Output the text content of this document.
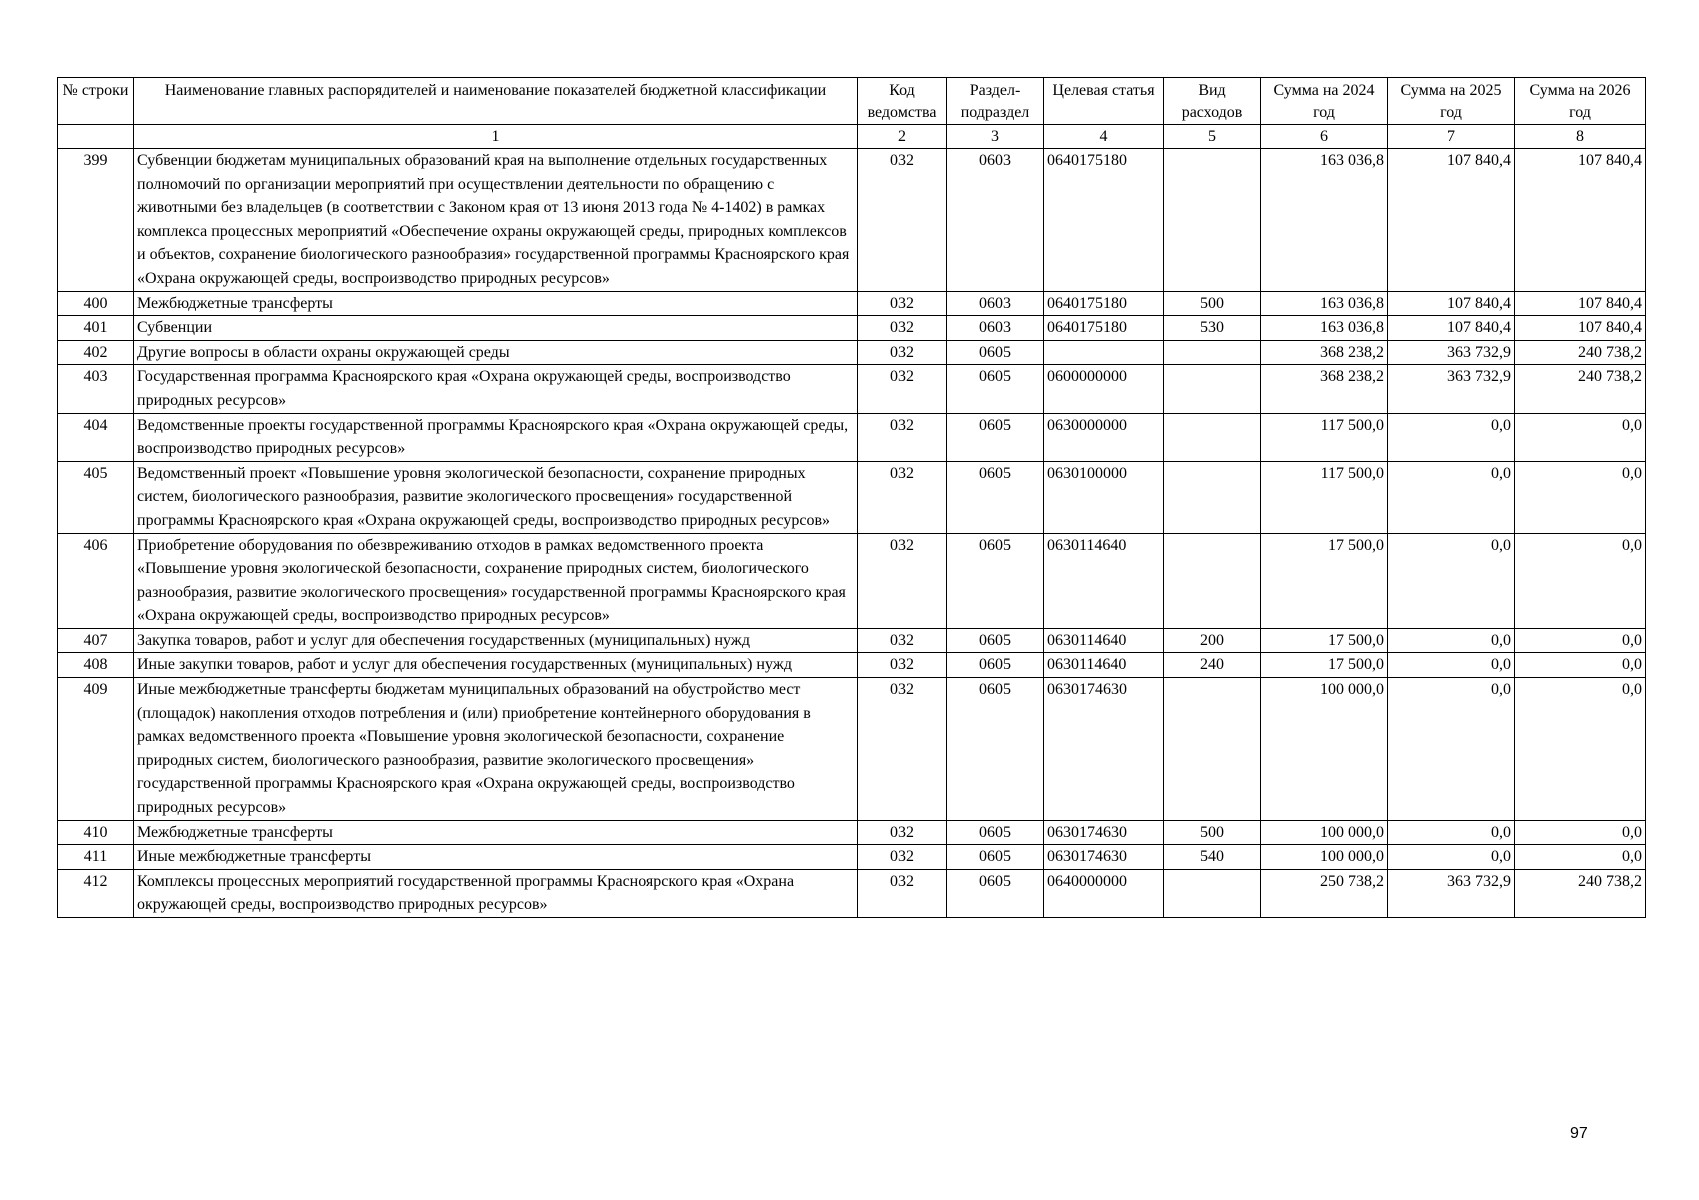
№ строки	Наименование главных распорядителей и наименование показателей бюджетной классификации	Код ведомства	Раздел-подраздел	Целевая статья	Вид расходов	Сумма на 2024 год	Сумма на 2025 год	Сумма на 2026 год
	1	2	3	4	5	6	7	8
399	Субвенции бюджетам муниципальных образований края на выполнение отдельных государственных полномочий по организации мероприятий при осуществлении деятельности по обращению с животными без владельцев (в соответствии с Законом края от 13 июня 2013 года № 4-1402) в рамках комплекса процессных мероприятий «Обеспечение охраны окружающей среды, природных комплексов и объектов, сохранение биологического разнообразия» государственной программы Красноярского края «Охрана окружающей среды, воспроизводство природных ресурсов»	032	0603	0640175180		163 036,8	107 840,4	107 840,4
400	Межбюджетные трансферты	032	0603	0640175180	500	163 036,8	107 840,4	107 840,4
401	Субвенции	032	0603	0640175180	530	163 036,8	107 840,4	107 840,4
402	Другие вопросы в области охраны окружающей среды	032	0605			368 238,2	363 732,9	240 738,2
403	Государственная программа Красноярского края «Охрана окружающей среды, воспроизводство природных ресурсов»	032	0605	0600000000		368 238,2	363 732,9	240 738,2
404	Ведомственные проекты государственной программы Красноярского края «Охрана окружающей среды, воспроизводство природных ресурсов»	032	0605	0630000000		117 500,0	0,0	0,0
405	Ведомственный проект «Повышение уровня экологической безопасности, сохранение природных систем, биологического разнообразия, развитие экологического просвещения» государственной программы Красноярского края «Охрана окружающей среды, воспроизводство природных ресурсов»	032	0605	0630100000		117 500,0	0,0	0,0
406	Приобретение оборудования по обезвреживанию отходов в рамках ведомственного проекта «Повышение уровня экологической безопасности, сохранение природных систем, биологического разнообразия, развитие экологического просвещения» государственной программы Красноярского края «Охрана окружающей среды, воспроизводство природных ресурсов»	032	0605	0630114640		17 500,0	0,0	0,0
407	Закупка товаров, работ и услуг для обеспечения государственных (муниципальных) нужд	032	0605	0630114640	200	17 500,0	0,0	0,0
408	Иные закупки товаров, работ и услуг для обеспечения государственных (муниципальных) нужд	032	0605	0630114640	240	17 500,0	0,0	0,0
409	Иные межбюджетные трансферты бюджетам муниципальных образований на обустройство мест (площадок) накопления отходов потребления и (или) приобретение контейнерного оборудования в рамках ведомственного проекта «Повышение уровня экологической безопасности, сохранение природных систем, биологического разнообразия, развитие экологического просвещения» государственной программы Красноярского края «Охрана окружающей среды, воспроизводство природных ресурсов»	032	0605	0630174630		100 000,0	0,0	0,0
410	Межбюджетные трансферты	032	0605	0630174630	500	100 000,0	0,0	0,0
411	Иные межбюджетные трансферты	032	0605	0630174630	540	100 000,0	0,0	0,0
412	Комплексы процессных мероприятий государственной программы Красноярского края «Охрана окружающей среды, воспроизводство природных ресурсов»	032	0605	0640000000		250 738,2	363 732,9	240 738,2
97
